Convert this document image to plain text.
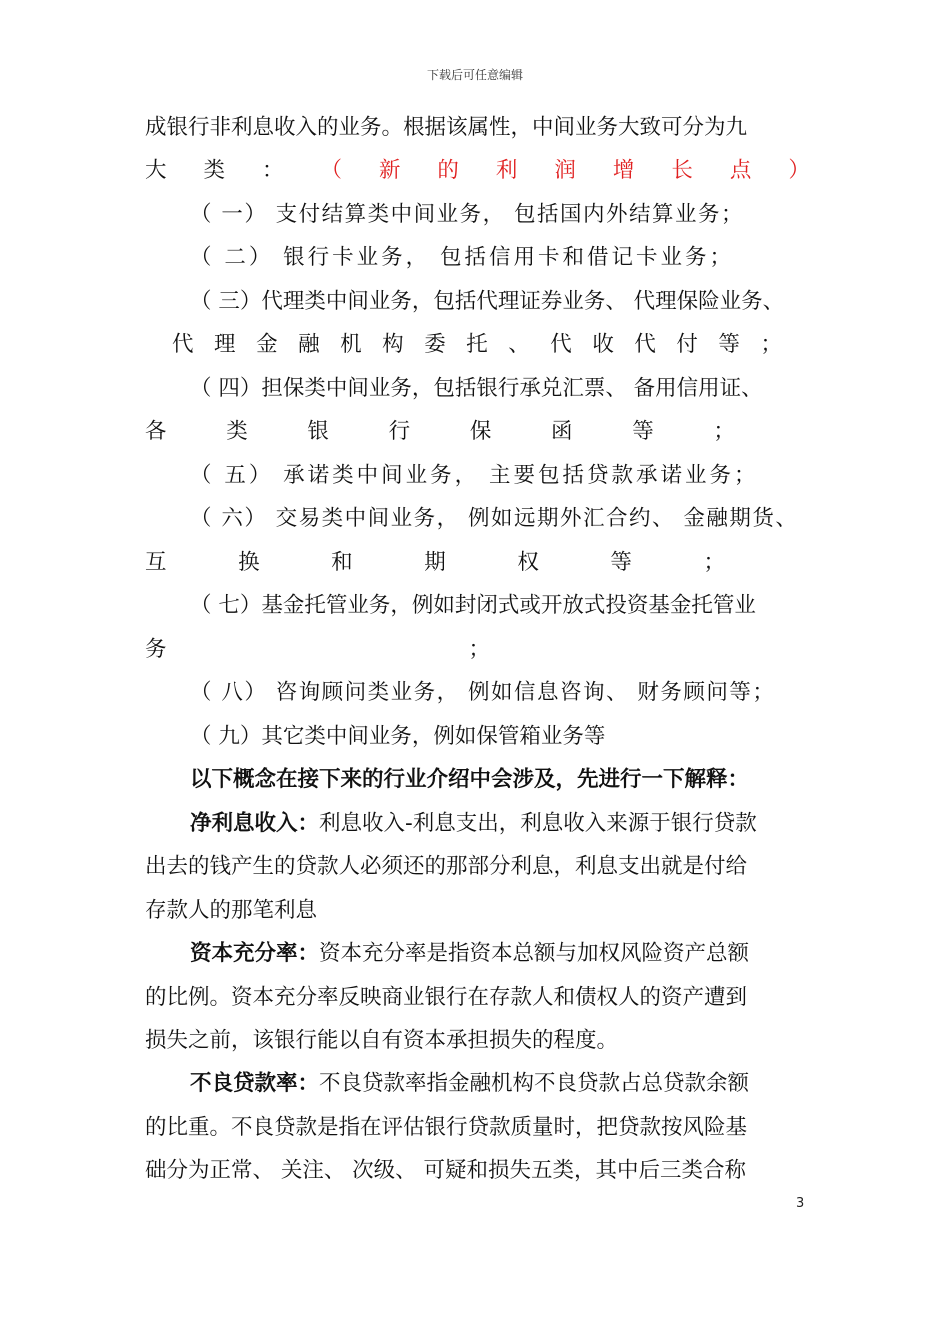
下载后可任意编辑
成银行非利息收入的业务。根据该属性，中间业务大致可分为九
大 类 ： （ 新 的 利 润 增 长 点 ）
（ 一） 支付结算类中间业务， 包括国内外结算业务；
（ 二） 银行卡业务， 包括信用卡和借记卡业务；
（ 三）代理类中间业务，包括代理证券业务、 代理保险业务、
代 理 金 融 机 构 委 托 、 代 收 代 付 等 ；
（ 四）担保类中间业务，包括银行承兑汇票、 备用信用证、
各	类	银	行	保	函	等	；
（ 五） 承诺类中间业务， 主要包括贷款承诺业务；
（ 六） 交易类中间业务， 例如远期外汇合约、 金融期货、
互	换	和	期	权	等	；
（ 七）基金托管业务，例如封闭式或开放式投资基金托管业
务	；
（ 八） 咨询顾问类业务， 例如信息咨询、 财务顾问等；
（ 九）其它类中间业务，例如保管箱业务等
以下概念在接下来的行业介绍中会涉及，先进行一下解释：
净利息收入：利息收入-利息支出，利息收入来源于银行贷款
出去的钱产生的贷款人必须还的那部分利息，利息支出就是付给
存款人的那笔利息
资本充分率：资本充分率是指资本总额与加权风险资产总额
的比例。资本充分率反映商业银行在存款人和债权人的资产遭到
损失之前，该银行能以自有资本承担损失的程度。
不良贷款率：不良贷款率指金融机构不良贷款占总贷款余额
的比重。不良贷款是指在评估银行贷款质量时，把贷款按风险基
础分为正常、 关注、 次级、 可疑和损失五类，其中后三类合称
3
